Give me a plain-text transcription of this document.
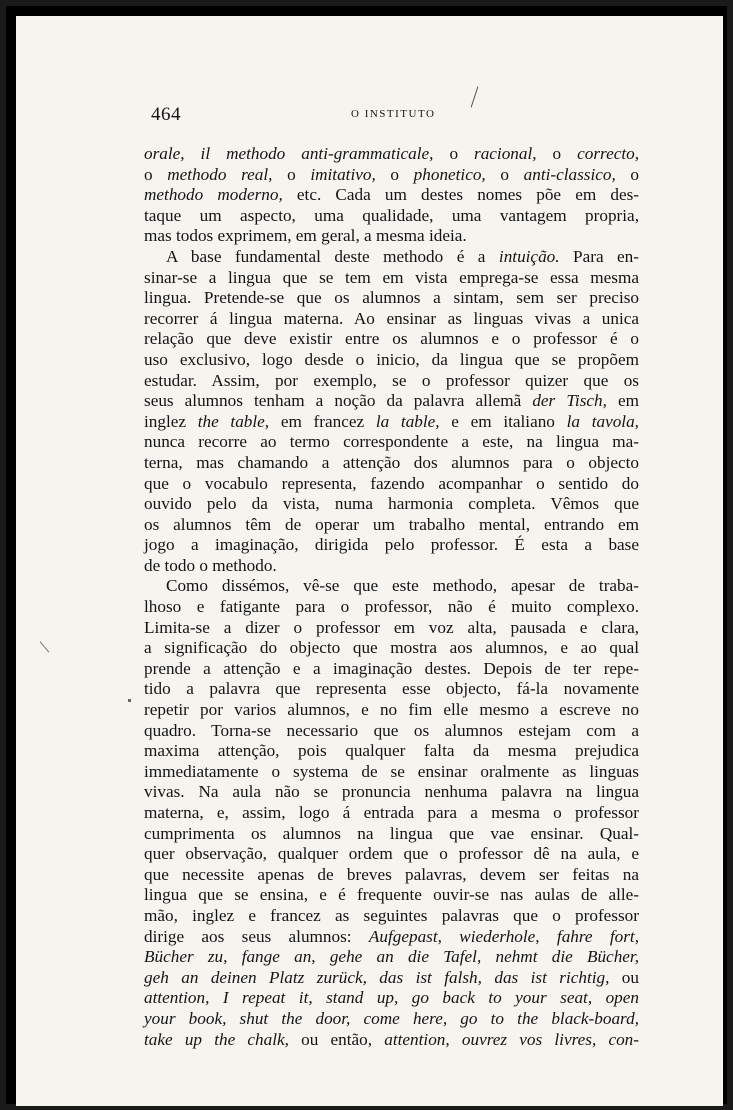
464	O INSTITUTO
orale, il methodo anti-grammaticale, o racional, o correcto,
o methodo real, o imitativo, o phonetico, o anti-classico, o
methodo moderno, etc. Cada um destes nomes põe em des-
taque um aspecto, uma qualidade, uma vantagem propria,
mas todos exprimem, em geral, a mesma ideia.
A base fundamental deste methodo é a intuição. Para en-
sinar-se a lingua que se tem em vista emprega-se essa mesma
lingua. Pretende-se que os alumnos a sintam, sem ser preciso
recorrer á lingua materna. Ao ensinar as linguas vivas a unica
relação que deve existir entre os alumnos e o professor é o
uso exclusivo, logo desde o inicio, da lingua que se propõem
estudar. Assim, por exemplo, se o professor quizer que os
seus alumnos tenham a noção da palavra allemã der Tisch, em
inglez the table, em francez la table, e em italiano la tavola,
nunca recorre ao termo correspondente a este, na lingua ma-
terna, mas chamando a attenção dos alumnos para o objecto
que o vocabulo representa, fazendo acompanhar o sentido do
ouvido pelo da vista, numa harmonia completa. Vêmos que
os alumnos têm de operar um trabalho mental, entrando em
jogo a imaginação, dirigida pelo professor. É esta a base
de todo o methodo.
Como dissémos, vê-se que este methodo, apesar de traba-
lhoso e fatigante para o professor, não é muito complexo.
Limita-se a dizer o professor em voz alta, pausada e clara,
a significação do objecto que mostra aos alumnos, e ao qual
prende a attenção e a imaginação destes. Depois de ter repe-
tido a palavra que representa esse objecto, fá-la novamente
repetir por varios alumnos, e no fim elle mesmo a escreve no
quadro. Torna-se necessario que os alumnos estejam com a
maxima attenção, pois qualquer falta da mesma prejudica
immediatamente o systema de se ensinar oralmente as linguas
vivas. Na aula não se pronuncia nenhuma palavra na lingua
materna, e, assim, logo á entrada para a mesma o professor
cumprimenta os alumnos na lingua que vae ensinar. Qual-
quer observação, qualquer ordem que o professor dê na aula, e
que necessite apenas de breves palavras, devem ser feitas na
lingua que se ensina, e é frequente ouvir-se nas aulas de alle-
mão, inglez e francez as seguintes palavras que o professor
dirige aos seus alumnos: Aufgepast, wiederhole, fahre fort,
Bücher zu, fange an, gehe an die Tafel, nehmt die Bücher,
geh an deinen Platz zurück, das ist falsh, das ist richtig, ou
attention, I repeat it, stand up, go back to your seat, open
your book, shut the door, come here, go to the black-board,
take up the chalk, ou então, attention, ouvrez vos livres, con-
